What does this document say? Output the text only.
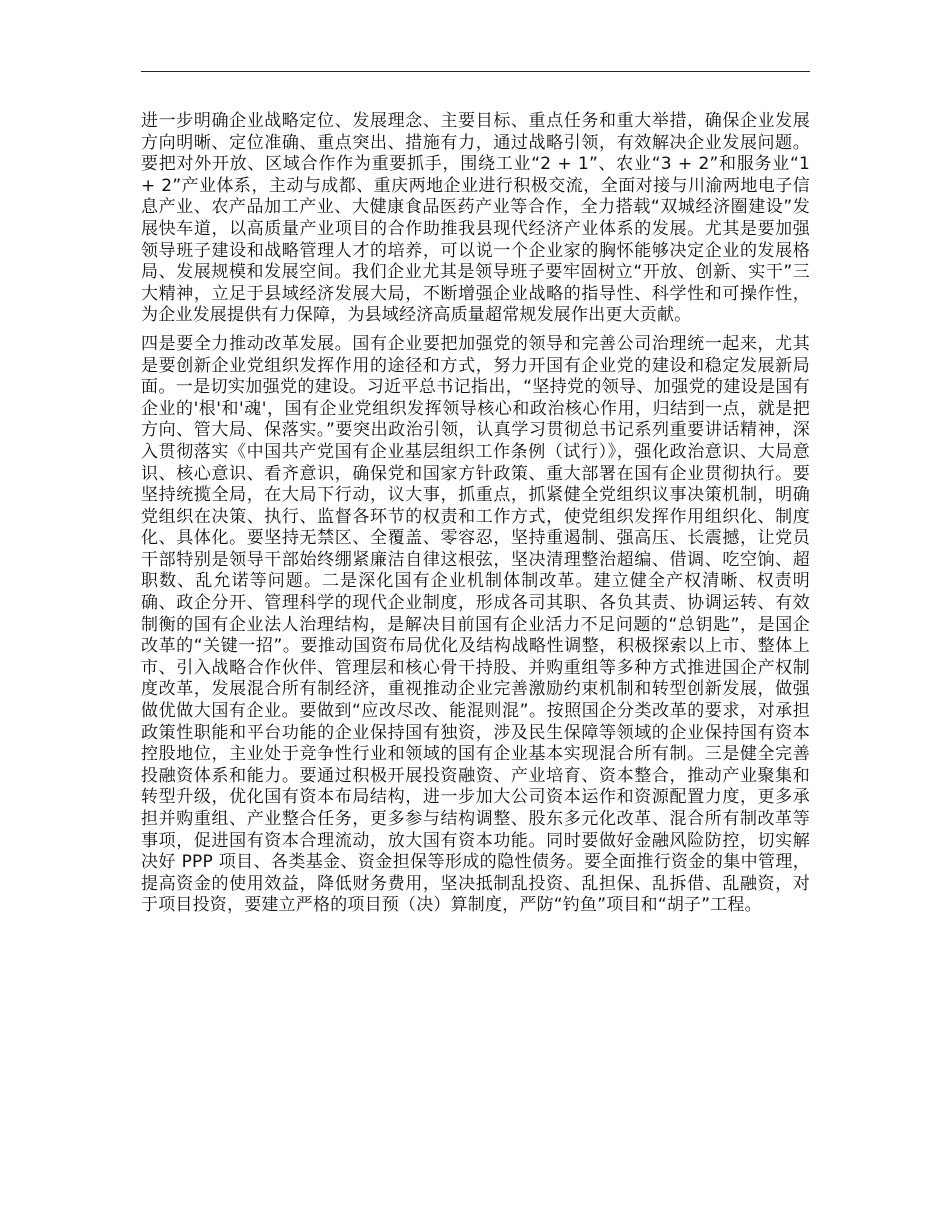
进一步明确企业战略定位、发展理念、主要目标、重点任务和重大举措，确保企业发展方向明晰、定位准确、重点突出、措施有力，通过战略引领，有效解决企业发展问题。要把对外开放、区域合作作为重要抓手，围绕工业“2 + 1”、农业“3 + 2”和服务业“1 + 2”产业体系，主动与成都、重庆两地企业进行积极交流，全面对接与川渝两地电子信息产业、农产品加工产业、大健康食品医药产业等合作，全力搭载“双城经济圈建设”发展快车道，以高质量产业项目的合作助推我县现代经济产业体系的发展。尤其是要加强领导班子建设和战略管理人才的培养，可以说一个企业家的胸怀能够决定企业的发展格局、发展规模和发展空间。我们企业尤其是领导班子要牢固树立“开放、创新、实干”三大精神，立足于县域经济发展大局，不断增强企业战略的指导性、科学性和可操作性，为企业发展提供有力保障，为县域经济高质量超常规发展作出更大贡献。

四是要全力推动改革发展。国有企业要把加强党的领导和完善公司治理统一起来，尤其是要创新企业党组织发挥作用的途径和方式，努力开国有企业党的建设和稳定发展新局面。一是切实加强党的建设。习近平总书记指出，“坚持党的领导、加强党的建设是国有企业的'根'和'魂'，国有企业党组织发挥领导核心和政治核心作用，归结到一点，就是把方向、管大局、保落实。”要突出政治引领，认真学习贯彻总书记系列重要讲话精神，深入贯彻落实《中国共产党国有企业基层组织工作条例（试行）》，强化政治意识、大局意识、核心意识、看齐意识，确保党和国家方针政策、重大部署在国有企业贯彻执行。要坚持统揽全局，在大局下行动，议大事，抓重点，抓紧健全党组织议事决策机制，明确党组织在决策、执行、监督各环节的权责和工作方式，使党组织发挥作用组织化、制度化、具体化。要坚持无禁区、全覆盖、零容忍，坚持重遏制、强高压、长震撼，让党员干部特别是领导干部始终绷紧廉洁自律这根弦，坚决清理整治超编、借调、吃空饷、超职数、乱允诺等问题。二是深化国有企业机制体制改革。建立健全产权清晰、权责明确、政企分开、管理科学的现代企业制度，形成各司其职、各负其责、协调运转、有效制衡的国有企业法人治理结构，是解决目前国有企业活力不足问题的“总钥匙”，是国企改革的“关键一招”。要推动国资布局优化及结构战略性调整，积极探索以上市、整体上市、引入战略合作伙伴、管理层和核心骨干持股、并购重组等多种方式推进国企产权制度改革，发展混合所有制经济，重视推动企业完善激励约束机制和转型创新发展，做强做优做大国有企业。要做到“应改尽改、能混则混”。按照国企分类改革的要求，对承担政策性职能和平台功能的企业保持国有独资，涉及民生保障等领域的企业保持国有资本控股地位，主业处于竞争性行业和领域的国有企业基本实现混合所有制。三是健全完善投融资体系和能力。要通过积极开展投资融资、产业培育、资本整合，推动产业聚集和转型升级，优化国有资本布局结构，进一步加大公司资本运作和资源配置力度，更多承担并购重组、产业整合任务，更多参与结构调整、股东多元化改革、混合所有制改革等事项，促进国有资本合理流动，放大国有资本功能。同时要做好金融风险防控，切实解决好 PPP 项目、各类基金、资金担保等形成的隐性债务。要全面推行资金的集中管理，提高资金的使用效益，降低财务费用，坚决抵制乱投资、乱担保、乱拆借、乱融资，对于项目投资，要建立严格的项目预（决）算制度，严防“钓鱼”项目和“胡子”工程。
